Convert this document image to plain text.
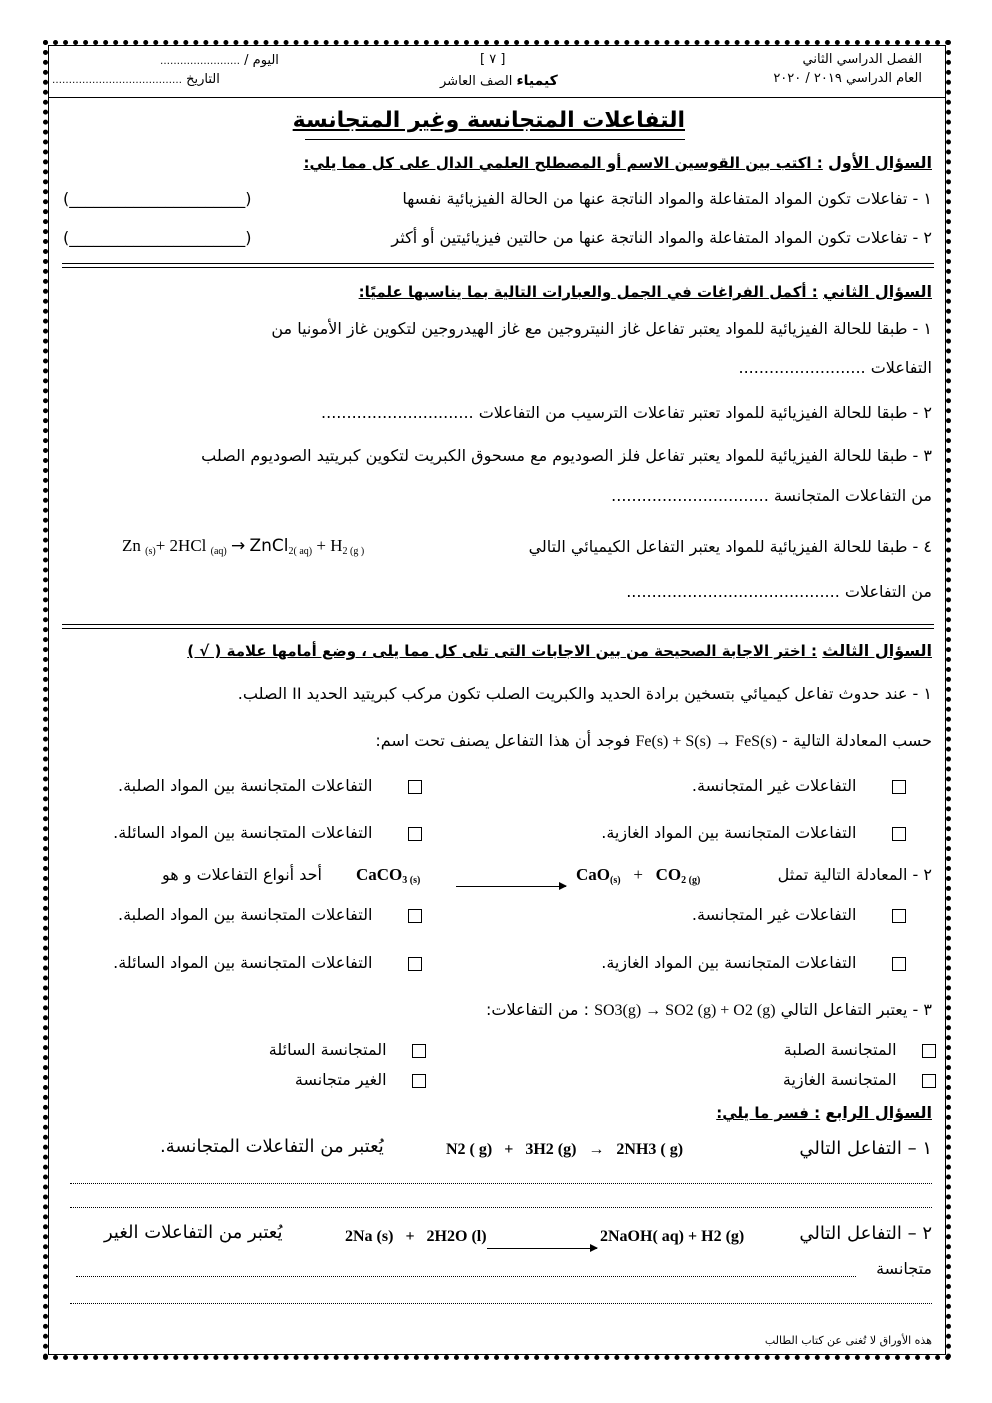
الفصل الدراسي الثاني
العام الدراسي ٢٠١٩ / ٢٠٢٠
[ ٧ ]
كيمياء الصف العاشر
اليوم / ……………………
التاريخ …………………………………
التفاعلات المتجانسة وغير المتجانسة
السؤال الأول : اكتب بين القوسين الاسم أو المصطلح العلمي الدال على كل مما يلي:
١ - تفاعلات تكون المواد المتفاعلة والمواد الناتجة عنها من الحالة الفيزيائية نفسها
(______________________)
٢ - تفاعلات تكون المواد المتفاعلة والمواد الناتجة عنها من حالتين فيزيائيتين أو أكثر
(______________________)
السؤال الثاني : أكمل الفراغات في الجمل والعبارات التالية بما يناسبها علميًا:
١ - طبقا للحالة الفيزيائية للمواد يعتبر تفاعل غاز النيتروجين مع غاز الهيدروجين لتكوين غاز الأمونيا من
التفاعلات .........................
٢ - طبقا للحالة الفيزيائية للمواد تعتبر تفاعلات الترسيب من التفاعلات ..............................
٣ - طبقا للحالة الفيزيائية للمواد يعتبر تفاعل فلز الصوديوم مع مسحوق الكبريت لتكوين كبريتيد الصوديوم الصلب
من التفاعلات المتجانسة ...............................
٤ - طبقا للحالة الفيزيائية للمواد يعتبر التفاعل الكيميائي التالي
Zn $_{(s)}$+ 2HCl $_{(aq)}$ → ZnCl$_{2( aq)}$ + $H_{2 (g )}$
من التفاعلات ..........................................
السؤال الثالث : اختر الاجابة الصحيحة من بين الاجابات التى تلى كل مما يلى ، وضع أمامها علامة ( √ )
١ - عند حدوث تفاعل كيميائي بتسخين برادة الحديد والكبريت الصلب تكون مركب كبريتيد الحديد II الصلب.
حسب المعادلة التالية - Fe(s) + S(s) → FeS(s) فوجد أن هذا التفاعل يصنف تحت اسم:
التفاعلات غير المتجانسة.
التفاعلات المتجانسة بين المواد الصلبة.
التفاعلات المتجانسة بين المواد الغازية.
التفاعلات المتجانسة بين المواد السائلة.
٢ - المعادلة التالية تمثل
$CaO_{(s)} + CO_{2 (g)}$
CaCO$_{3 (s)}$
أحد أنواع التفاعلات و هو
التفاعلات غير المتجانسة.
التفاعلات المتجانسة بين المواد الصلبة.
التفاعلات المتجانسة بين المواد الغازية.
التفاعلات المتجانسة بين المواد السائلة.
٣ - يعتبر التفاعل التالي SO3(g) → SO2 (g) + O2 (g) : من التفاعلات:
المتجانسة الصلبة
المتجانسة السائلة
المتجانسة الغازية
الغير متجانسة
السؤال الرابع : فسر ما يلي:
١ – التفاعل التالي
N2 ( g)   +   3H2 (g)   →   2NH3 ( g)
يُعتبر من التفاعلات المتجانسة.
٢ – التفاعل التالي
2NaOH( aq) + H2 (g)
2Na (s)   +   2H2O (l)
يُعتبر من التفاعلات الغير
متجانسة
هذه الأوراق لا تُغنى عن كتاب الطالب
